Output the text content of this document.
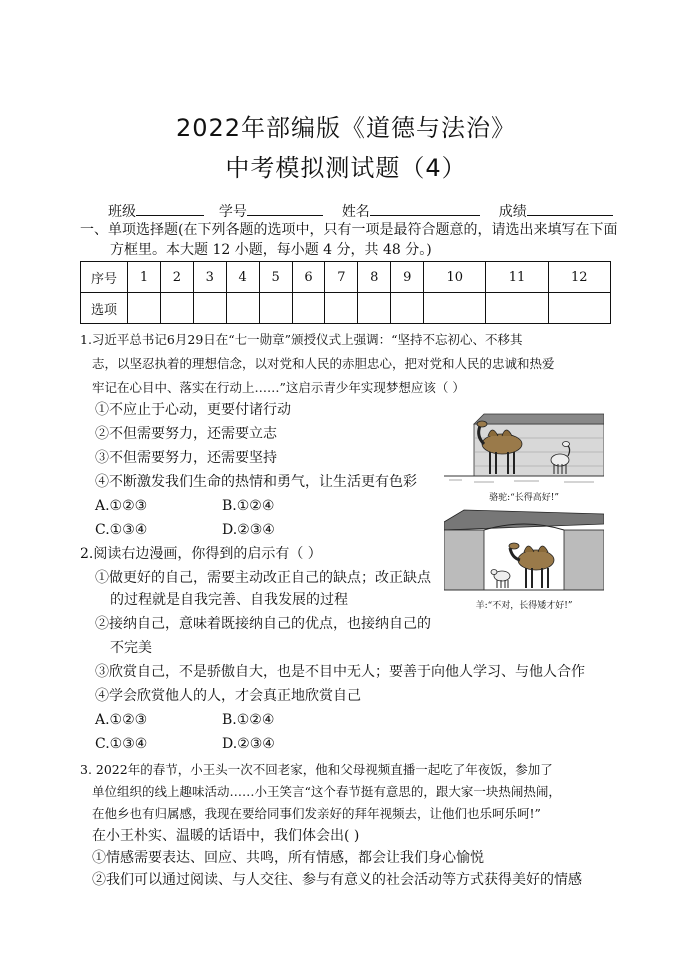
2022年部编版《道德与法治》
中考模拟测试题（4）
班级	学号	姓名	成绩
一、单项选择题(在下列各题的选项中，只有一项是最符合题意的，请选出来填写在下面
方框里。本大题 12 小题，每小题 4 分，共 48 分。)
序号	1	2	3	4	5	6	7	8	9	10	11	12
选项												
1.习近平总书记6月29日在“七一勋章”颁授仪式上强调：“坚持不忘初心、不移其
志，以坚忍执着的理想信念，以对党和人民的赤胆忠心，把对党和人民的忠诚和热爱
牢记在心目中、落实在行动上……”这启示青少年实现梦想应该（ ）
①不应止于心动，更要付诸行动
②不但需要努力，还需要立志
③不但需要努力，还需要坚持
④不断激发我们生命的热情和勇气，让生活更有色彩
A.①②③	B.①②④
C.①③④	D.②③④
骆驼:“长得高好!”
羊:“不对，长得矮才好!”
2.阅读右边漫画，你得到的启示有（ ）
①做更好的自己，需要主动改正自己的缺点；改正缺点
的过程就是自我完善、自我发展的过程
②接纳自己，意味着既接纳自己的优点，也接纳自己的
不完美
③欣赏自己，不是骄傲自大，也是不目中无人；要善于向他人学习、与他人合作
④学会欣赏他人的人，才会真正地欣赏自己
A.①②③	B.①②④
C.①③④	D.②③④
3. 2022年的春节，小王头一次不回老家，他和父母视频直播一起吃了年夜饭，参加了
单位组织的线上趣味活动……小王笑言“这个春节挺有意思的，跟大家一块热闹热闹，
在他乡也有归属感，我现在要给同事们发亲好的拜年视频去，让他们也乐呵乐呵!”
在小王朴实、温暖的话语中，我们体会出( )
①情感需要表达、回应、共鸣，所有情感，都会让我们身心愉悦
②我们可以通过阅读、与人交往、参与有意义的社会活动等方式获得美好的情感
